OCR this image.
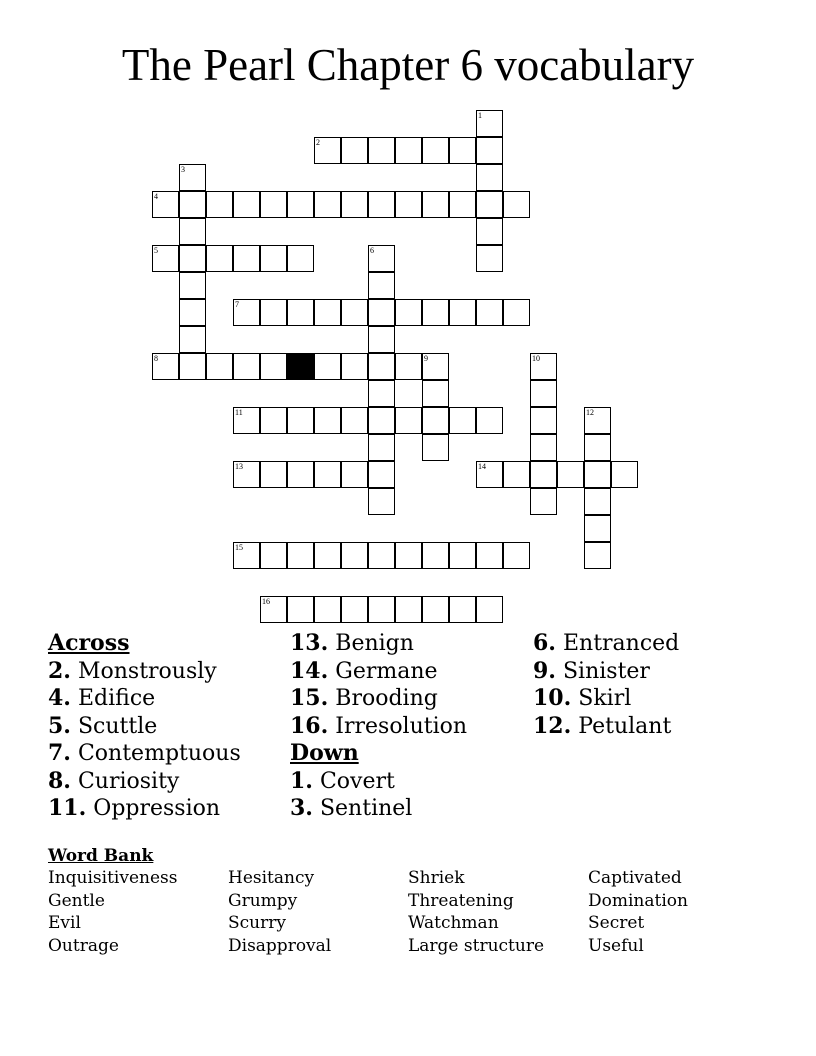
The Pearl Chapter 6 vocabulary
1
2
3
4
5	6
7
8	9	10
11	12
13	14
15
16
Across
2. Monstrously
4. Edifice
5. Scuttle
7. Contemptuous
8. Curiosity
11. Oppression
13. Benign
14. Germane
15. Brooding
16. Irresolution
Down
1. Covert
3. Sentinel
6. Entranced
9. Sinister
10. Skirl
12. Petulant
Word Bank
Inquisitiveness
Gentle
Evil
Outrage
Hesitancy
Grumpy
Scurry
Disapproval
Shriek
Threatening
Watchman
Large structure
Captivated
Domination
Secret
Useful
